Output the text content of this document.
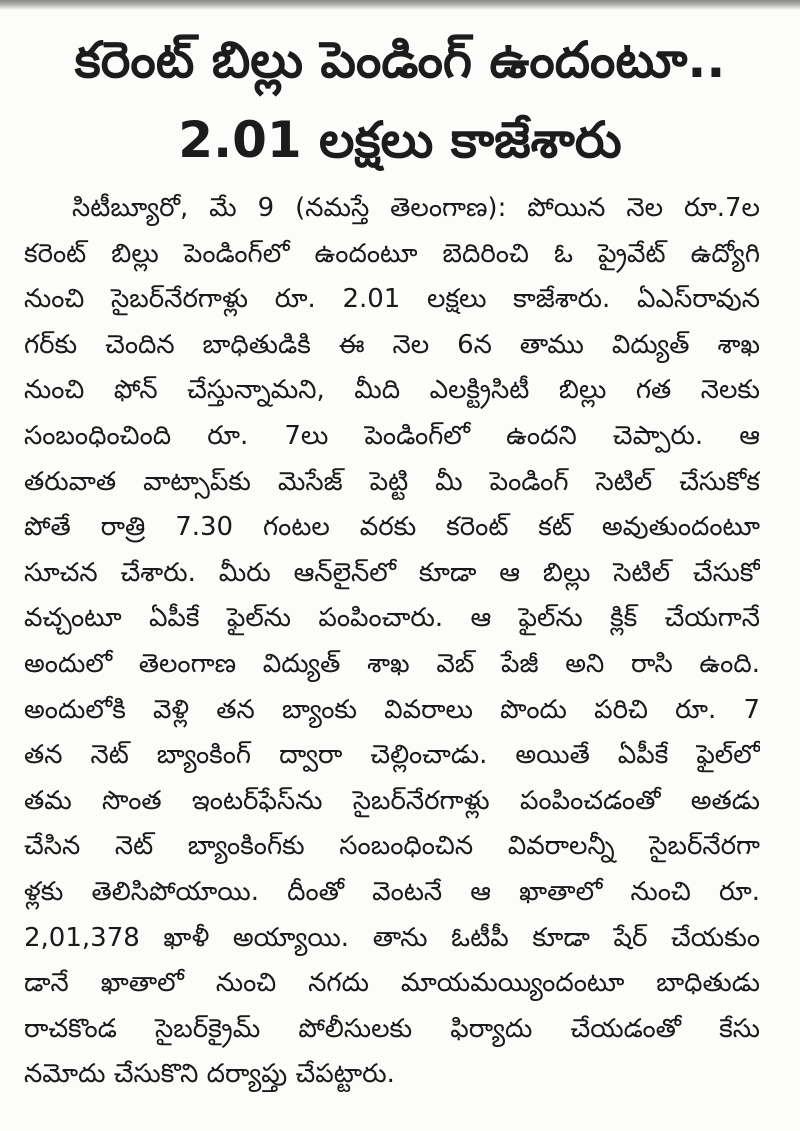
కరెంట్ బిల్లు పెండింగ్ ఉందంటూ..
2.01 లక్షలు కాజేశారు
సిటీబ్యూరో, మే 9 (నమస్తే తెలంగాణ): పోయిన నెల రూ.7ల
కరెంట్ బిల్లు పెండింగ్‌లో ఉందంటూ బెదిరించి ఓ ప్రైవేట్ ఉద్యోగి
నుంచి సైబర్‌నేరగాళ్లు రూ. 2.01 లక్షలు కాజేశారు. ఏఎస్‌రావున
గర్‌కు చెందిన బాధితుడికి ఈ నెల 6న తాము విద్యుత్ శాఖ
నుంచి ఫోన్ చేస్తున్నామని, మీది ఎలక్ట్రిసిటీ బిల్లు గత నెలకు
సంబంధించింది రూ. 7లు పెండింగ్‌లో ఉందని చెప్పారు. ఆ
తరువాత వాట్సాప్‌కు మెసేజ్ పెట్టి మీ పెండింగ్ సెటిల్ చేసుకోక
పోతే రాత్రి 7.30 గంటల వరకు కరెంట్ కట్ అవుతుందంటూ
సూచన చేశారు. మీరు ఆన్‌లైన్‌లో కూడా ఆ బిల్లు సెటిల్ చేసుకో
వచ్చంటూ ఏపీకే ఫైల్‌ను పంపించారు. ఆ ఫైల్‌ను క్లిక్ చేయగానే
అందులో తెలంగాణ విద్యుత్ శాఖ వెబ్ పేజీ అని రాసి ఉంది.
అందులోకి వెళ్లి తన బ్యాంకు వివరాలు పొందు పరిచి రూ. 7
తన నెట్ బ్యాంకింగ్ ద్వారా చెల్లించాడు. అయితే ఏపీకే ఫైల్‌లో
తమ సొంత ఇంటర్‌ఫేస్‌ను సైబర్‌నేరగాళ్లు పంపించడంతో అతడు
చేసిన నెట్ బ్యాంకింగ్‌కు సంబంధించిన వివరాలన్నీ సైబర్‌నేరగా
ళ్లకు తెలిసిపోయాయి. దీంతో వెంటనే ఆ ఖాతాలో నుంచి రూ.
2,01,378 ఖాళీ అయ్యాయి. తాను ఓటీపీ కూడా షేర్ చేయకుం
డానే ఖాతాలో నుంచి నగదు మాయమయ్యిందంటూ బాధితుడు
రాచకొండ సైబర్‌క్రైమ్ పోలీసులకు ఫిర్యాదు చేయడంతో కేసు
నమోదు చేసుకొని దర్యాప్తు చేపట్టారు.
